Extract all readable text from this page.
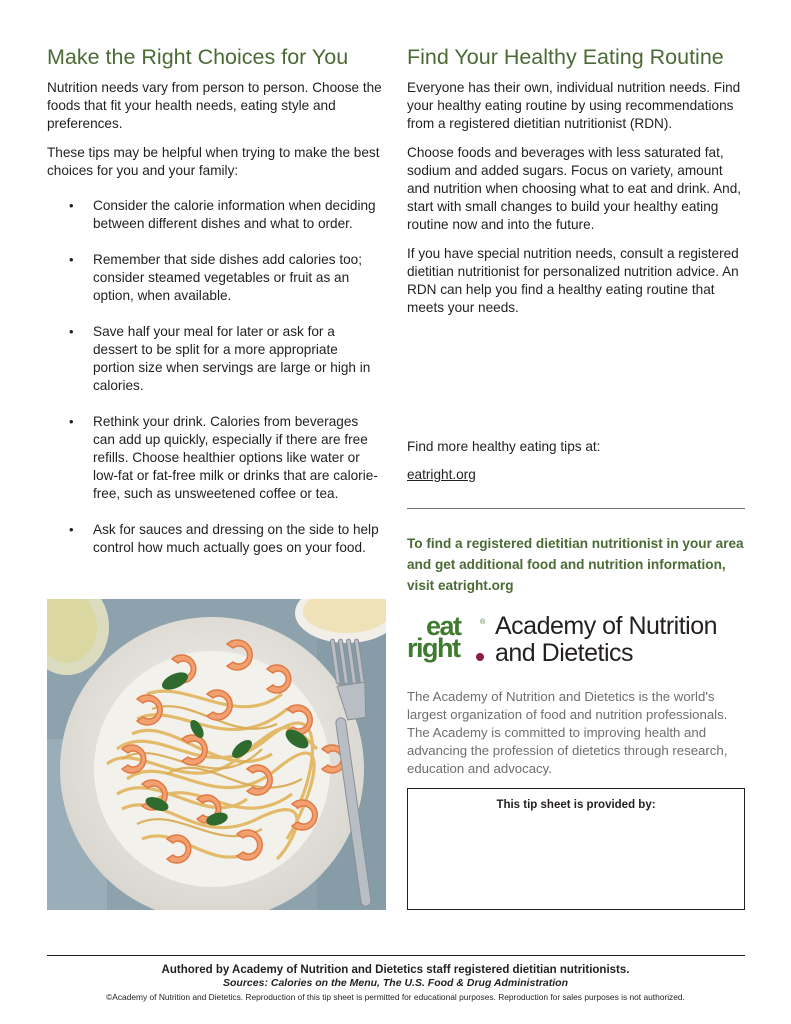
Make the Right Choices for You

Nutrition needs vary from person to person. Choose the foods that fit your health needs, eating style and preferences.

These tips may be helpful when trying to make the best choices for you and your family:

• Consider the calorie information when deciding between different dishes and what to order.
• Remember that side dishes add calories too; consider steamed vegetables or fruit as an option, when available.
• Save half your meal for later or ask for a dessert to be split for a more appropriate portion size when servings are large or high in calories.
• Rethink your drink. Calories from beverages can add up quickly, especially if there are free refills. Choose healthier options like water or low-fat or fat-free milk or drinks that are calorie-free, such as unsweetened coffee or tea.
• Ask for sauces and dressing on the side to help control how much actually goes on your food.
Find Your Healthy Eating Routine

Everyone has their own, individual nutrition needs. Find your healthy eating routine by using recommendations from a registered dietitian nutritionist (RDN).

Choose foods and beverages with less saturated fat, sodium and added sugars. Focus on variety, amount and nutrition when choosing what to eat and drink. And, start with small changes to build your healthy eating routine now and into the future.

If you have special nutrition needs, consult a registered dietitian nutritionist for personalized nutrition advice. An RDN can help you find a healthy eating routine that meets your needs.

Find more healthy eating tips at:
eatright.org
To find a registered dietitian nutritionist in your area and get additional food and nutrition information, visit eatright.org
eat	®
right
Academy of Nutrition
and Dietetics
The Academy of Nutrition and Dietetics is the world's largest organization of food and nutrition professionals. The Academy is committed to improving health and advancing the profession of dietetics through research, education and advocacy.
This tip sheet is provided by:
Authored by Academy of Nutrition and Dietetics staff registered dietitian nutritionists.
Sources: Calories on the Menu, The U.S. Food & Drug Administration
©Academy of Nutrition and Dietetics. Reproduction of this tip sheet is permitted for educational purposes. Reproduction for sales purposes is not authorized.
